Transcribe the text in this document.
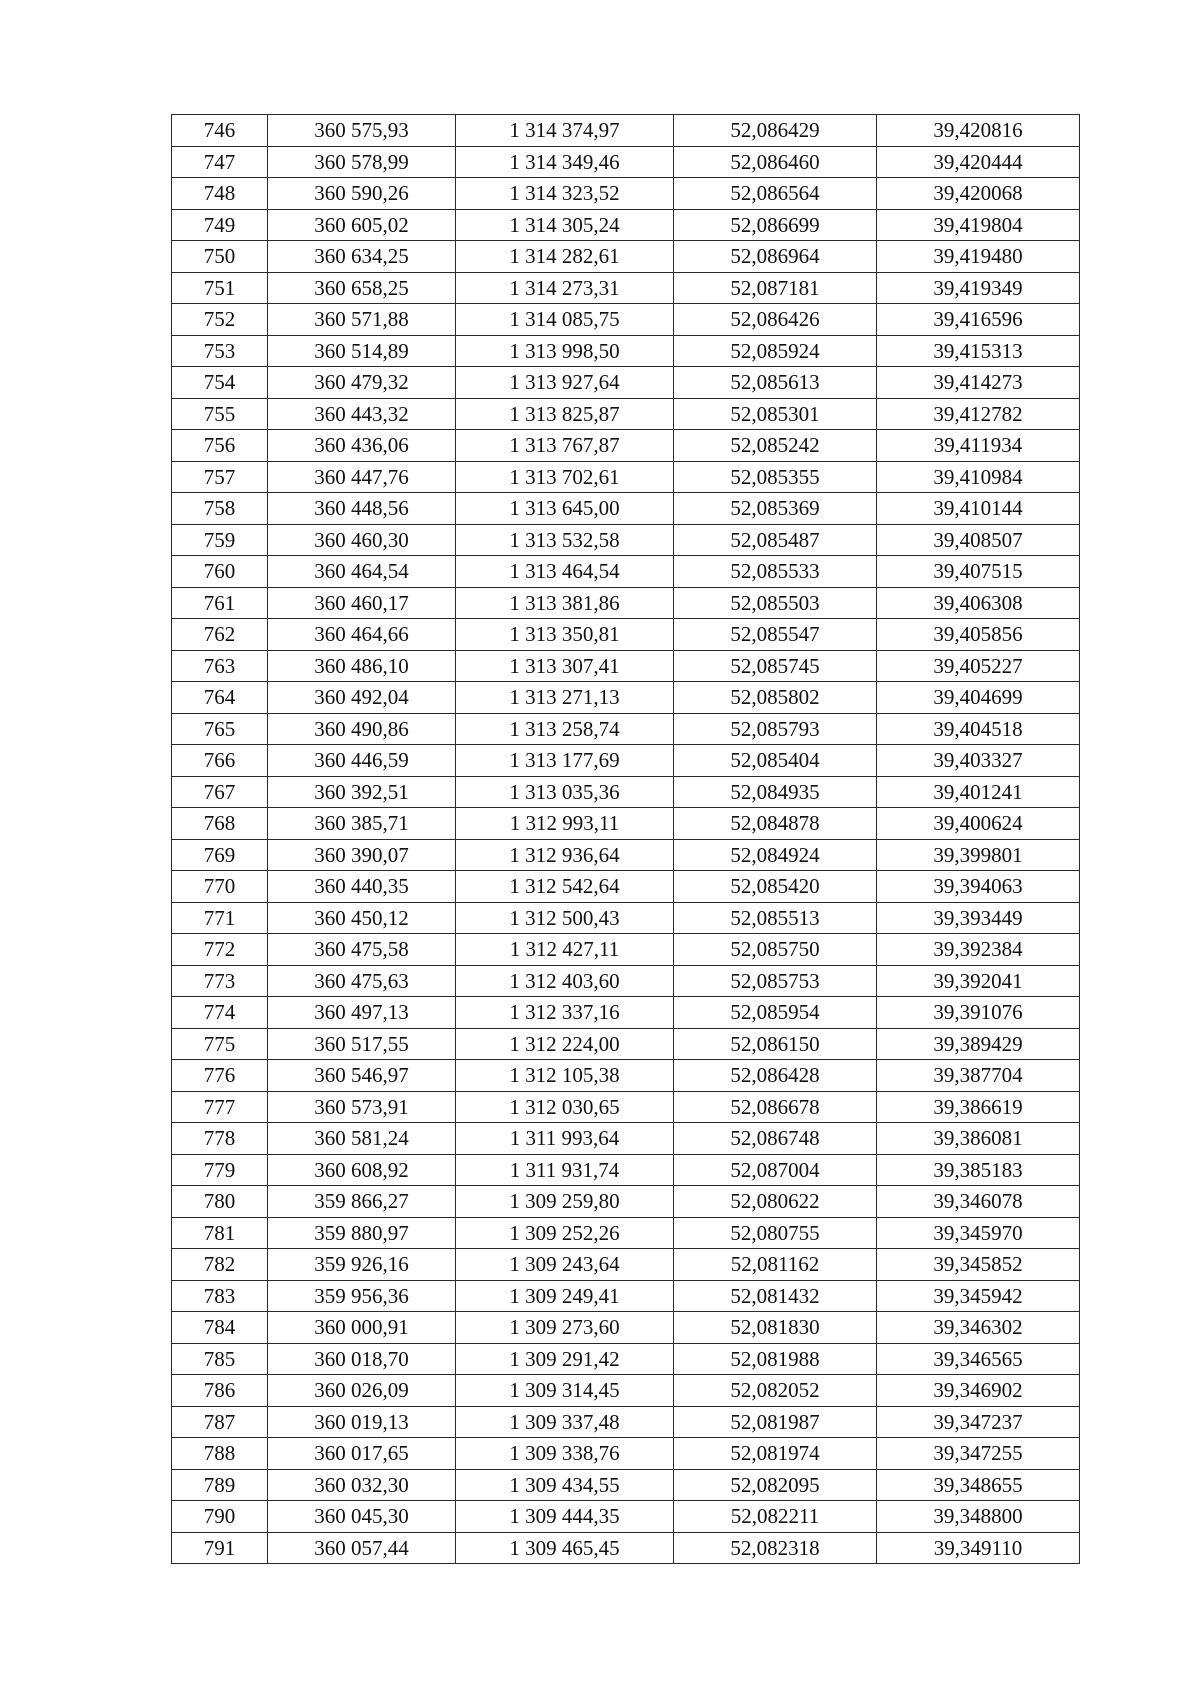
746	360 575,93	1 314 374,97	52,086429	39,420816
747	360 578,99	1 314 349,46	52,086460	39,420444
748	360 590,26	1 314 323,52	52,086564	39,420068
749	360 605,02	1 314 305,24	52,086699	39,419804
750	360 634,25	1 314 282,61	52,086964	39,419480
751	360 658,25	1 314 273,31	52,087181	39,419349
752	360 571,88	1 314 085,75	52,086426	39,416596
753	360 514,89	1 313 998,50	52,085924	39,415313
754	360 479,32	1 313 927,64	52,085613	39,414273
755	360 443,32	1 313 825,87	52,085301	39,412782
756	360 436,06	1 313 767,87	52,085242	39,411934
757	360 447,76	1 313 702,61	52,085355	39,410984
758	360 448,56	1 313 645,00	52,085369	39,410144
759	360 460,30	1 313 532,58	52,085487	39,408507
760	360 464,54	1 313 464,54	52,085533	39,407515
761	360 460,17	1 313 381,86	52,085503	39,406308
762	360 464,66	1 313 350,81	52,085547	39,405856
763	360 486,10	1 313 307,41	52,085745	39,405227
764	360 492,04	1 313 271,13	52,085802	39,404699
765	360 490,86	1 313 258,74	52,085793	39,404518
766	360 446,59	1 313 177,69	52,085404	39,403327
767	360 392,51	1 313 035,36	52,084935	39,401241
768	360 385,71	1 312 993,11	52,084878	39,400624
769	360 390,07	1 312 936,64	52,084924	39,399801
770	360 440,35	1 312 542,64	52,085420	39,394063
771	360 450,12	1 312 500,43	52,085513	39,393449
772	360 475,58	1 312 427,11	52,085750	39,392384
773	360 475,63	1 312 403,60	52,085753	39,392041
774	360 497,13	1 312 337,16	52,085954	39,391076
775	360 517,55	1 312 224,00	52,086150	39,389429
776	360 546,97	1 312 105,38	52,086428	39,387704
777	360 573,91	1 312 030,65	52,086678	39,386619
778	360 581,24	1 311 993,64	52,086748	39,386081
779	360 608,92	1 311 931,74	52,087004	39,385183
780	359 866,27	1 309 259,80	52,080622	39,346078
781	359 880,97	1 309 252,26	52,080755	39,345970
782	359 926,16	1 309 243,64	52,081162	39,345852
783	359 956,36	1 309 249,41	52,081432	39,345942
784	360 000,91	1 309 273,60	52,081830	39,346302
785	360 018,70	1 309 291,42	52,081988	39,346565
786	360 026,09	1 309 314,45	52,082052	39,346902
787	360 019,13	1 309 337,48	52,081987	39,347237
788	360 017,65	1 309 338,76	52,081974	39,347255
789	360 032,30	1 309 434,55	52,082095	39,348655
790	360 045,30	1 309 444,35	52,082211	39,348800
791	360 057,44	1 309 465,45	52,082318	39,349110
